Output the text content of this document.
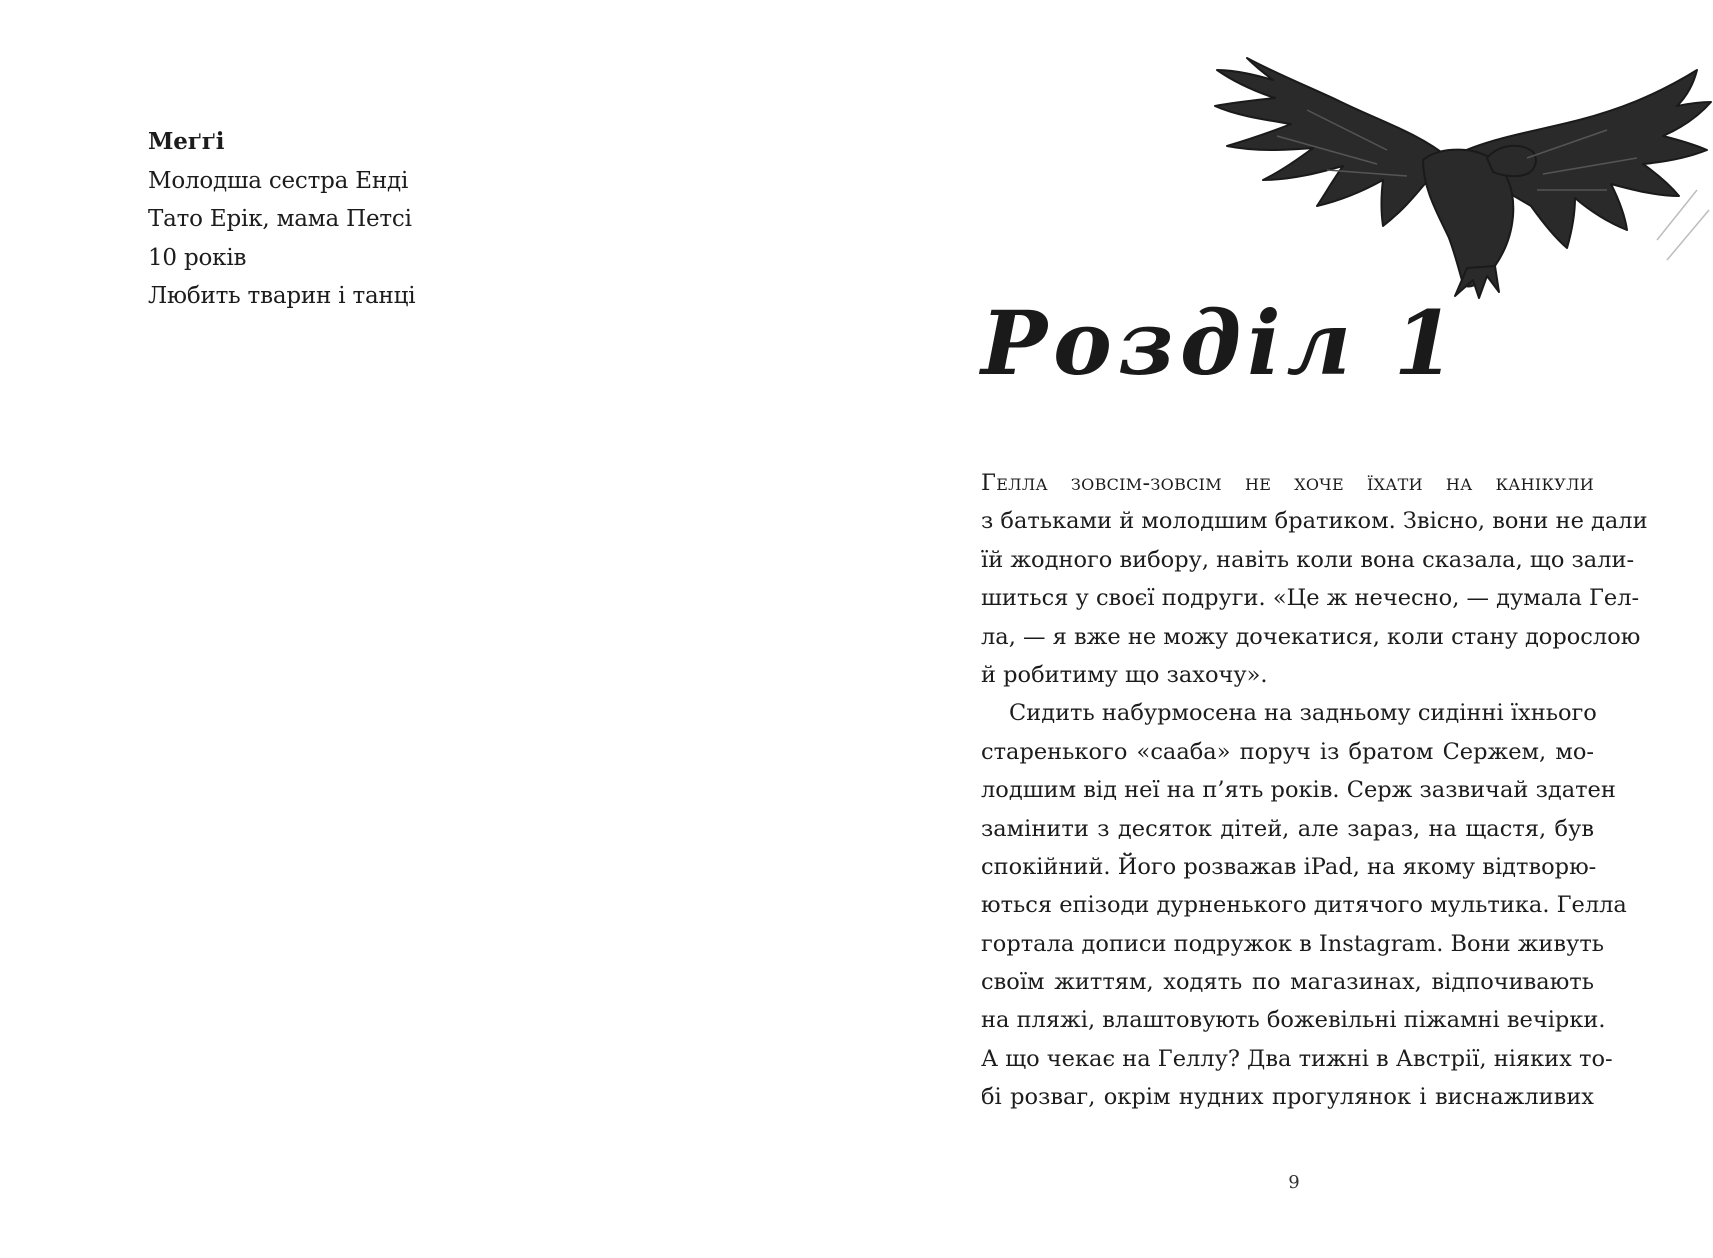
Меґґі
Молодша сестра Енді
Тато Ерік, мама Петсі
10 років
Любить тварин і танці	Розділ 1
Гелла зовсім-зовсім не хоче їхати на канікули
з батьками й молодшим братиком. Звісно, вони не дали
їй жодного вибору, навіть коли вона сказала, що зали-
шиться у своєї подруги. «Це ж нечесно, — думала Гел-
ла, — я вже не можу дочекатися, коли стану дорослою
й робитиму що захочу».
Сидить набурмосена на задньому сидінні їхнього
старенького «сааба» поруч із братом Сержем, мо-
лодшим від неї на п’ять років. Серж зазвичай здатен
замінити з десяток дітей, але зараз, на щастя, був
спокійний. Його розважав iPad, на якому відтворю-
ються епізоди дурненького дитячого мультика. Гелла
гортала дописи подружок в Instagram. Вони живуть
своїм життям, ходять по магазинах, відпочивають
на пляжі, влаштовують божевільні піжамні вечірки.
А що чекає на Геллу? Два тижні в Австрії, ніяких то-
бі розваг, окрім нудних прогулянок і виснажливих
9
